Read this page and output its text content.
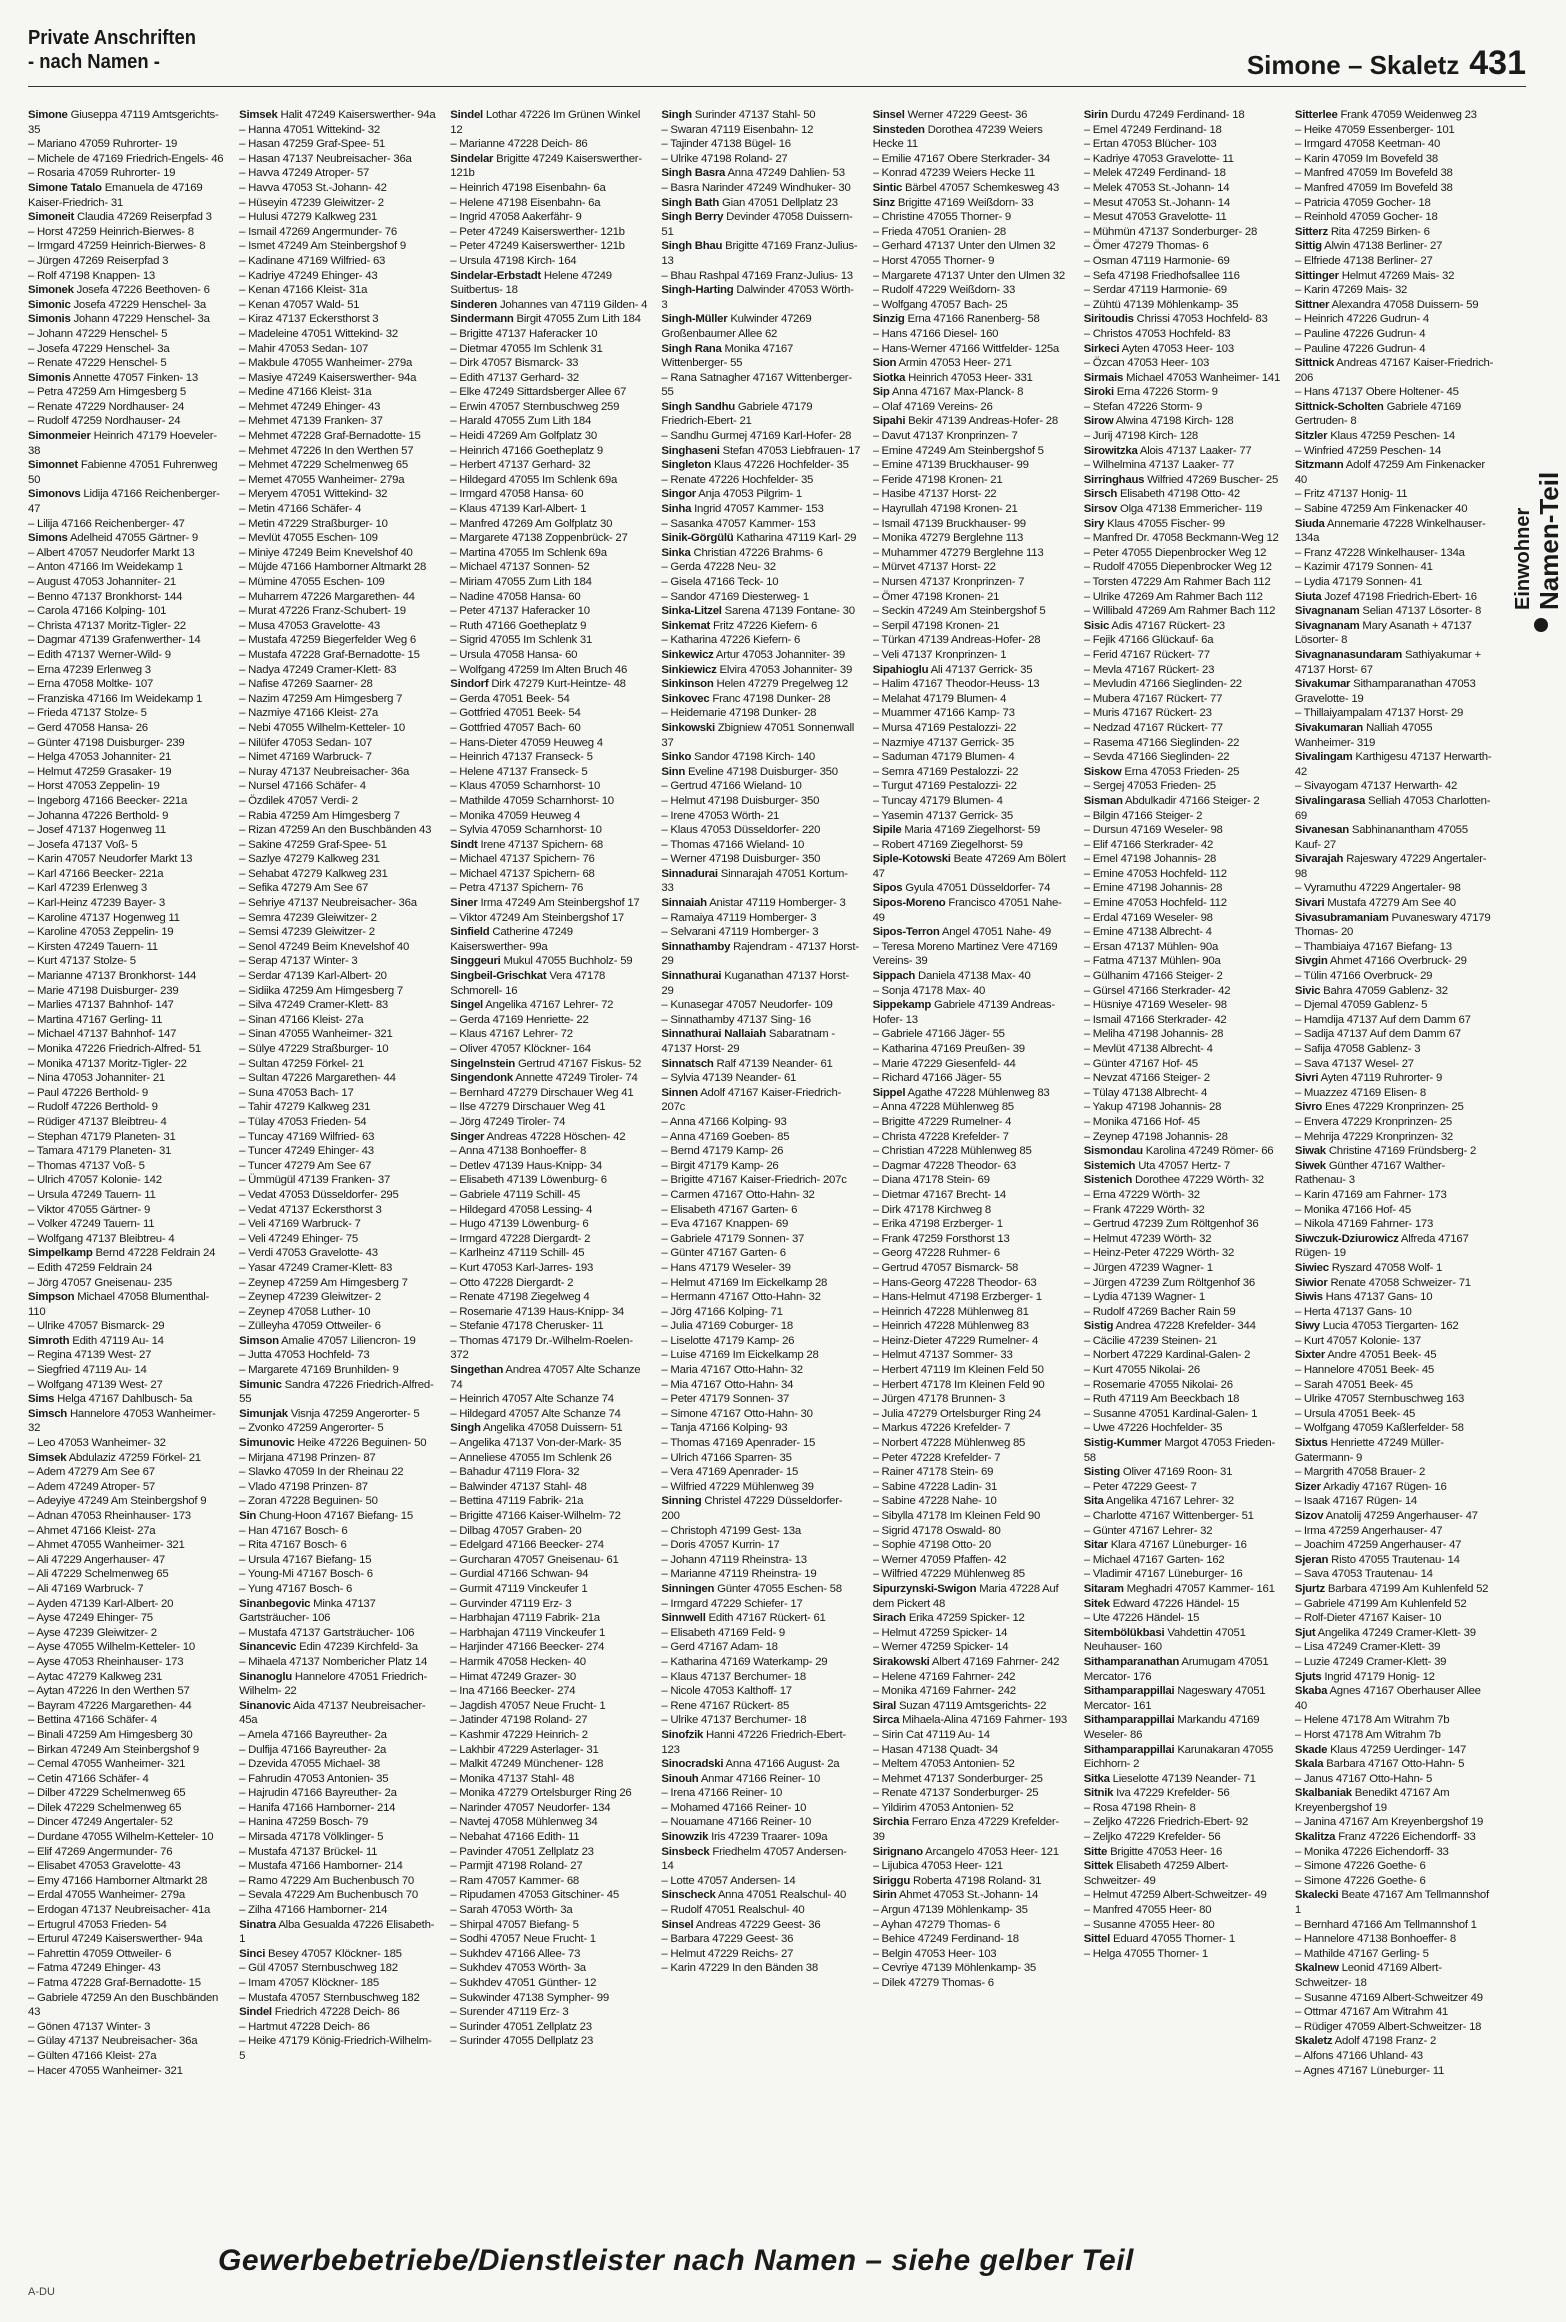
Private Anschriften
- nach Namen -	Simone – Skaletz 431
Simone Giuseppa 47119 Amtsgerichts- 35
– Mariano 47059 Ruhrorter- 19
– Michele de 47169 Friedrich-Engels- 46
– Rosaria 47059 Ruhrorter- 19
Simone Tatalo Emanuela de 47169 Kaiser-Friedrich- 31
Simoneit Claudia 47269 Reiserpfad 3
– Horst 47259 Heinrich-Bierwes- 8
– Irmgard 47259 Heinrich-Bierwes- 8
– Jürgen 47269 Reiserpfad 3
– Rolf 47198 Knappen- 13
Simonek Josefa 47226 Beethoven- 6
Simonic Josefa 47229 Henschel- 3a
Simonis Johann 47229 Henschel- 3a
– Johann 47229 Henschel- 5
– Josefa 47229 Henschel- 3a
– Renate 47229 Henschel- 5
Simonis Annette 47057 Finken- 13
– Petra 47259 Am Himgesberg 5
– Renate 47229 Nordhauser- 24
– Rudolf 47259 Nordhauser- 24
Simonmeier Heinrich 47179 Hoeveler- 38
Simonnet Fabienne 47051 Fuhrenweg 50
Simonovs Lidija 47166 Reichenberger- 47
– Lilija 47166 Reichenberger- 47
Simons Adelheid 47055 Gärtner- 9
– Albert 47057 Neudorfer Markt 13
– Anton 47166 Im Weidekamp 1
– August 47053 Johanniter- 21
– Benno 47137 Bronkhorst- 144
– Carola 47166 Kolping- 101
– Christa 47137 Moritz-Tigler- 22
– Dagmar 47139 Grafenwerther- 14
– Edith 47137 Werner-Wild- 9
– Erna 47239 Erlenweg 3
– Erna 47058 Moltke- 107
– Franziska 47166 Im Weidekamp 1
– Frieda 47137 Stolze- 5
– Gerd 47058 Hansa- 26
– Günter 47198 Duisburger- 239
– Helga 47053 Johanniter- 21
– Helmut 47259 Grasaker- 19
– Horst 47053 Zeppelin- 19
– Ingeborg 47166 Beecker- 221a
– Johanna 47226 Berthold- 9
– Josef 47137 Hogenweg 11
– Josefa 47137 Voß- 5
– Karin 47057 Neudorfer Markt 13
– Karl 47166 Beecker- 221a
– Karl 47239 Erlenweg 3
– Karl-Heinz 47239 Bayer- 3
– Karoline 47137 Hogenweg 11
– Karoline 47053 Zeppelin- 19
– Kirsten 47249 Tauern- 11
– Kurt 47137 Stolze- 5
– Marianne 47137 Bronkhorst- 144
– Marie 47198 Duisburger- 239
– Marlies 47137 Bahnhof- 147
– Martina 47167 Gerling- 11
– Michael 47137 Bahnhof- 147
– Monika 47226 Friedrich-Alfred- 51
– Monika 47137 Moritz-Tigler- 22
– Nina 47053 Johanniter- 21
– Paul 47226 Berthold- 9
– Rudolf 47226 Berthold- 9
– Rüdiger 47137 Bleibtreu- 4
– Stephan 47179 Planeten- 31
– Tamara 47179 Planeten- 31
– Thomas 47137 Voß- 5
– Ulrich 47057 Kolonie- 142
– Ursula 47249 Tauern- 11
– Viktor 47055 Gärtner- 9
– Volker 47249 Tauern- 11
– Wolfgang 47137 Bleibtreu- 4
Simpelkamp Bernd 47228 Feldrain 24
– Edith 47259 Feldrain 24
– Jörg 47057 Gneisenau- 235
Simpson Michael 47058 Blumenthal- 110
– Ulrike 47057 Bismarck- 29
Simroth Edith 47119 Au- 14
– Regina 47139 West- 27
– Siegfried 47119 Au- 14
– Wolfgang 47139 West- 27
Sims Helga 47167 Dahlbusch- 5a
Simsch Hannelore 47053 Wanheimer- 32
– Leo 47053 Wanheimer- 32
Simsek Abdulaziz 47259 Förkel- 21
– Adem 47279 Am See 67
– Adem 47249 Atroper- 57
– Adeyiye 47249 Am Steinbergshof 9
– Adnan 47053 Rheinhauser- 173
– Ahmet 47166 Kleist- 27a
– Ahmet 47055 Wanheimer- 321
– Ali 47229 Angerhauser- 47
– Ali 47229 Schelmenweg 65
– Ali 47169 Warbruck- 7
– Ayden 47139 Karl-Albert- 20
– Ayse 47249 Ehinger- 75
– Ayse 47239 Gleiwitzer- 2
– Ayse 47055 Wilhelm-Ketteler- 10
– Ayse 47053 Rheinhauser- 173
– Aytac 47279 Kalkweg 231
– Aytan 47226 In den Werthen 57
– Bayram 47226 Margarethen- 44
– Bettina 47166 Schäfer- 4
– Binali 47259 Am Himgesberg 30
– Birkan 47249 Am Steinbergshof 9
– Cemal 47055 Wanheimer- 321
– Cetin 47166 Schäfer- 4
– Dilber 47229 Schelmenweg 65
– Dilek 47229 Schelmenweg 65
– Dincer 47249 Angertaler- 52
– Durdane 47055 Wilhelm-Ketteler- 10
– Elif 47269 Angermunder- 76
– Elisabet 47053 Gravelotte- 43
– Emy 47166 Hamborner Altmarkt 28
– Erdal 47055 Wanheimer- 279a
– Erdogan 47137 Neubreisacher- 41a
– Ertugrul 47053 Frieden- 54
– Erturul 47249 Kaiserswerther- 94a
– Fahrettin 47059 Ottweiler- 6
– Fatma 47249 Ehinger- 43
– Fatma 47228 Graf-Bernadotte- 15
– Gabriele 47259 An den Buschbänden 43
– Gönen 47137 Winter- 3
– Gülay 47137 Neubreisacher- 36a
– Gülten 47166 Kleist- 27a
– Hacer 47055 Wanheimer- 321
Simsek Halit 47249 Kaiserswerther- 94a
– Hanna 47051 Wittekind- 32
– Hasan 47259 Graf-Spee- 51
– Hasan 47137 Neubreisacher- 36a
– Havva 47249 Atroper- 57
– Havva 47053 St.-Johann- 42
– Hüseyin 47239 Gleiwitzer- 2
– Hulusi 47279 Kalkweg 231
– Ismail 47269 Angermunder- 76
– Ismet 47249 Am Steinbergshof 9
– Kadinane 47169 Wilfried- 63
– Kadriye 47249 Ehinger- 43
– Kenan 47166 Kleist- 31a
– Kenan 47057 Wald- 51
– Kiraz 47137 Eckersthorst 3
– Madeleine 47051 Wittekind- 32
– Mahir 47053 Sedan- 107
– Makbule 47055 Wanheimer- 279a
– Masiye 47249 Kaiserswerther- 94a
– Medine 47166 Kleist- 31a
– Mehmet 47249 Ehinger- 43
– Mehmet 47139 Franken- 37
– Mehmet 47228 Graf-Bernadotte- 15
– Mehmet 47226 In den Werthen 57
– Mehmet 47229 Schelmenweg 65
– Memet 47055 Wanheimer- 279a
– Meryem 47051 Wittekind- 32
– Metin 47166 Schäfer- 4
– Metin 47229 Straßburger- 10
– Mevlüt 47055 Eschen- 109
– Miniye 47249 Beim Knevelshof 40
– Müjde 47166 Hamborner Altmarkt 28
– Mümine 47055 Eschen- 109
– Muharrem 47226 Margarethen- 44
– Murat 47226 Franz-Schubert- 19
– Musa 47053 Gravelotte- 43
– Mustafa 47259 Biegerfelder Weg 6
– Mustafa 47228 Graf-Bernadotte- 15
– Nadya 47249 Cramer-Klett- 83
– Nafise 47269 Saarner- 28
– Nazim 47259 Am Himgesberg 7
– Nazmiye 47166 Kleist- 27a
– Nebi 47055 Wilhelm-Ketteler- 10
– Nilüfer 47053 Sedan- 107
– Nimet 47169 Warbruck- 7
– Nuray 47137 Neubreisacher- 36a
– Nursel 47166 Schäfer- 4
– Özdilek 47057 Verdi- 2
– Rabia 47259 Am Himgesberg 7
– Rizan 47259 An den Buschbänden 43
– Sakine 47259 Graf-Spee- 51
– Sazlye 47279 Kalkweg 231
– Sehabat 47279 Kalkweg 231
– Sefika 47279 Am See 67
– Sehriye 47137 Neubreisacher- 36a
– Semra 47239 Gleiwitzer- 2
– Semsi 47239 Gleiwitzer- 2
– Senol 47249 Beim Knevelshof 40
– Serap 47137 Winter- 3
– Serdar 47139 Karl-Albert- 20
– Sidiika 47259 Am Himgesberg 7
– Silva 47249 Cramer-Klett- 83
– Sinan 47166 Kleist- 27a
– Sinan 47055 Wanheimer- 321
– Sülye 47229 Straßburger- 10
– Sultan 47259 Förkel- 21
– Sultan 47226 Margarethen- 44
– Suna 47053 Bach- 17
– Tahir 47279 Kalkweg 231
– Tülay 47053 Frieden- 54
– Tuncay 47169 Wilfried- 63
– Tuncer 47249 Ehinger- 43
– Tuncer 47279 Am See 67
– Ümmügül 47139 Franken- 37
– Vedat 47053 Düsseldorfer- 295
– Vedat 47137 Eckersthorst 3
– Veli 47169 Warbruck- 7
– Veli 47249 Ehinger- 75
– Verdi 47053 Gravelotte- 43
– Yasar 47249 Cramer-Klett- 83
– Zeynep 47259 Am Himgesberg 7
– Zeynep 47239 Gleiwitzer- 2
– Zeynep 47058 Luther- 10
– Zülleyha 47059 Ottweiler- 6
Simson Amalie 47057 Liliencron- 19
– Jutta 47053 Hochfeld- 73
– Margarete 47169 Brunhilden- 9
Simunic Sandra 47226 Friedrich-Alfred- 55
Simunjak Visnja 47259 Angerorter- 5
– Zvonko 47259 Angerorter- 5
Simunovic Heike 47226 Beguinen- 50
– Mirjana 47198 Prinzen- 87
– Slavko 47059 In der Rheinau 22
– Vlado 47198 Prinzen- 87
– Zoran 47228 Beguinen- 50
Sin Chung-Hoon 47167 Biefang- 15
– Han 47167 Bosch- 6
– Rita 47167 Bosch- 6
– Ursula 47167 Biefang- 15
– Young-Mi 47167 Bosch- 6
– Yung 47167 Bosch- 6
Sinanbegovic Minka 47137 Gartsträucher- 106
– Mustafa 47137 Gartsträucher- 106
Sinancevic Edin 47239 Kirchfeld- 3a
– Mihaela 47137 Nombericher Platz 14
Sinanoglu Hannelore 47051 Friedrich-Wilhelm- 22
Sinanovic Aida 47137 Neubreisacher- 45a
– Amela 47166 Bayreuther- 2a
– Dulfija 47166 Bayreuther- 2a
– Dzevida 47055 Michael- 38
– Fahrudin 47053 Antonien- 35
– Hajrudin 47166 Bayreuther- 2a
– Hanifa 47166 Hamborner- 214
– Hanina 47259 Bosch- 79
– Mirsada 47178 Völklinger- 5
– Mustafa 47137 Brückel- 11
– Mustafa 47166 Hamborner- 214
– Ramo 47229 Am Buchenbusch 70
– Sevala 47229 Am Buchenbusch 70
– Zilha 47166 Hamborner- 214
Sinatra Alba Gesualda 47226 Elisabeth- 1
Sinci Besey 47057 Klöckner- 185
– Gül 47057 Sternbuschweg 182
– Imam 47057 Klöckner- 185
– Mustafa 47057 Sternbuschweg 182
Sindel Friedrich 47228 Deich- 86
– Hartmut 47228 Deich- 86
– Heike 47179 König-Friedrich-Wilhelm- 5
Sindel Lothar 47226 Im Grünen Winkel 12
– Marianne 47228 Deich- 86
Sindelar Brigitte 47249 Kaiserswerther- 121b
– Heinrich 47198 Eisenbahn- 6a
– Helene 47198 Eisenbahn- 6a
– Ingrid 47058 Aakerfähr- 9
– Peter 47249 Kaiserswerther- 121b
– Peter 47249 Kaiserswerther- 121b
– Ursula 47198 Kirch- 164
Sindelar-Erbstadt Helene 47249 Suitbertus- 18
Sinderen Johannes van 47119 Gilden- 4
Sindermann Birgit 47055 Zum Lith 184
– Brigitte 47137 Haferacker 10
– Dietmar 47055 Im Schlenk 31
– Dirk 47057 Bismarck- 33
– Edith 47137 Gerhard- 32
– Elke 47249 Sittardsberger Allee 67
– Erwin 47057 Sternbuschweg 259
– Harald 47055 Zum Lith 184
– Heidi 47269 Am Golfplatz 30
– Heinrich 47166 Goetheplatz 9
– Herbert 47137 Gerhard- 32
– Hildegard 47055 Im Schlenk 69a
– Irmgard 47058 Hansa- 60
– Klaus 47139 Karl-Albert- 1
– Manfred 47269 Am Golfplatz 30
– Margarete 47138 Zoppenbrück- 27
– Martina 47055 Im Schlenk 69a
– Michael 47137 Sonnen- 52
– Miriam 47055 Zum Lith 184
– Nadine 47058 Hansa- 60
– Peter 47137 Haferacker 10
– Ruth 47166 Goetheplatz 9
– Sigrid 47055 Im Schlenk 31
– Ursula 47058 Hansa- 60
– Wolfgang 47259 Im Alten Bruch 46
Sindorf Dirk 47279 Kurt-Heintze- 48
– Gerda 47051 Beek- 54
– Gottfried 47051 Beek- 54
– Gottfried 47057 Bach- 60
– Hans-Dieter 47059 Heuweg 4
– Heinrich 47137 Franseck- 5
– Helene 47137 Franseck- 5
– Klaus 47059 Scharnhorst- 10
– Mathilde 47059 Scharnhorst- 10
– Monika 47059 Heuweg 4
– Sylvia 47059 Scharnhorst- 10
Sindt Irene 47137 Spichern- 68
– Michael 47137 Spichern- 76
– Michael 47137 Spichern- 68
– Petra 47137 Spichern- 76
Siner Irma 47249 Am Steinbergshof 17
– Viktor 47249 Am Steinbergshof 17
Sinfield Catherine 47249 Kaiserswerther- 99a
Singgeuri Mukul 47055 Buchholz- 59
Singbeil-Grischkat Vera 47178 Schmorell- 16
Singel Angelika 47167 Lehrer- 72
– Gerda 47169 Henriette- 22
– Klaus 47167 Lehrer- 72
– Oliver 47057 Klöckner- 164
Singelnstein Gertrud 47167 Fiskus- 52
Singendonk Annette 47249 Tiroler- 74
– Bernhard 47279 Dirschauer Weg 41
– Ilse 47279 Dirschauer Weg 41
– Jörg 47249 Tiroler- 74
Singer Andreas 47228 Höschen- 42
– Anna 47138 Bonhoeffer- 8
– Detlev 47139 Haus-Knipp- 34
– Elisabeth 47139 Löwenburg- 6
– Gabriele 47119 Schill- 45
– Hildegard 47058 Lessing- 4
– Hugo 47139 Löwenburg- 6
– Irmgard 47228 Diergardt- 2
– Karlheinz 47119 Schill- 45
– Kurt 47053 Karl-Jarres- 193
– Otto 47228 Diergardt- 2
– Renate 47198 Ziegelweg 4
– Rosemarie 47139 Haus-Knipp- 34
– Stefanie 47178 Cherusker- 11
– Thomas 47179 Dr.-Wilhelm-Roelen- 372
Singethan Andrea 47057 Alte Schanze 74
– Heinrich 47057 Alte Schanze 74
– Hildegard 47057 Alte Schanze 74
Singh Angelika 47058 Duissern- 51
– Angelika 47137 Von-der-Mark- 35
– Anneliese 47055 Im Schlenk 26
– Bahadur 47119 Flora- 32
– Balwinder 47137 Stahl- 48
– Bettina 47119 Fabrik- 21a
– Brigitte 47166 Kaiser-Wilhelm- 72
– Dilbag 47057 Graben- 20
– Edelgard 47166 Beecker- 274
– Gurcharan 47057 Gneisenau- 61
– Gurdial 47166 Schwan- 94
– Gurmit 47119 Vinckeufer 1
– Gurvinder 47119 Erz- 3
– Harbhajan 47119 Fabrik- 21a
– Harbhajan 47119 Vinckeufer 1
– Harjinder 47166 Beecker- 274
– Harmik 47058 Hecken- 40
– Himat 47249 Grazer- 30
– Ina 47166 Beecker- 274
– Jagdish 47057 Neue Frucht- 1
– Jatinder 47198 Roland- 27
– Kashmir 47229 Heinrich- 2
– Lakhbir 47229 Asterlager- 31
– Malkit 47249 Münchener- 128
– Monika 47137 Stahl- 48
– Monika 47279 Ortelsburger Ring 26
– Narinder 47057 Neudorfer- 134
– Navtej 47058 Mühlenweg 34
– Nebahat 47166 Edith- 11
– Pavinder 47051 Zellplatz 23
– Parmjit 47198 Roland- 27
– Ram 47057 Kammer- 68
– Ripudamen 47053 Gitschiner- 45
– Sarah 47053 Wörth- 3a
– Shirpal 47057 Biefang- 5
– Sodhi 47057 Neue Frucht- 1
– Sukhdev 47166 Allee- 73
– Sukhdev 47053 Wörth- 3a
– Sukhdev 47051 Günther- 12
– Sukwinder 47138 Sympher- 99
– Surender 47119 Erz- 3
– Surinder 47051 Zellplatz 23
– Surinder 47055 Dellplatz 23
Singh Surinder 47137 Stahl- 50
– Swaran 47119 Eisenbahn- 12
– Tajinder 47138 Bügel- 16
– Ulrike 47198 Roland- 27
Singh Basra Anna 47249 Dahlien- 53
– Basra Narinder 47249 Windhuker- 30
Singh Bath Gian 47051 Dellplatz 23
Singh Berry Devinder 47058 Duissern- 51
Singh Bhau Brigitte 47169 Franz-Julius- 13
– Bhau Rashpal 47169 Franz-Julius- 13
Singh-Harting Dalwinder 47053 Wörth- 3
Singh-Müller Kulwinder 47269 Großenbaumer Allee 62
Singh Rana Monika 47167 Wittenberger- 55
– Rana Satnagher 47167 Wittenberger- 55
Singh Sandhu Gabriele 47179 Friedrich-Ebert- 21
– Sandhu Gurmej 47169 Karl-Hofer- 28
Singhaseni Stefan 47053 Liebfrauen- 17
Singleton Klaus 47226 Hochfelder- 35
– Renate 47226 Hochfelder- 35
Singor Anja 47053 Pilgrim- 1
Sinha Ingrid 47057 Kammer- 153
– Sasanka 47057 Kammer- 153
Sinik-Görgülü Katharina 47119 Karl- 29
Sinka Christian 47226 Brahms- 6
– Gerda 47228 Neu- 32
– Gisela 47166 Teck- 10
– Sandor 47169 Diesterweg- 1
Sinka-Litzel Sarena 47139 Fontane- 30
Sinkemat Fritz 47226 Kiefern- 6
– Katharina 47226 Kiefern- 6
Sinkewicz Artur 47053 Johanniter- 39
Sinkiewicz Elvira 47053 Johanniter- 39
Sinkinson Helen 47279 Pregelweg 12
Sinkovec Franc 47198 Dunker- 28
– Heidemarie 47198 Dunker- 28
Sinkowski Zbigniew 47051 Sonnenwall 37
Sinko Sandor 47198 Kirch- 140
Sinn Eveline 47198 Duisburger- 350
– Gertrud 47166 Wieland- 10
– Helmut 47198 Duisburger- 350
– Irene 47053 Wörth- 21
– Klaus 47053 Düsseldorfer- 220
– Thomas 47166 Wieland- 10
– Werner 47198 Duisburger- 350
Sinnadurai Sinnarajah 47051 Kortum- 33
Sinnaiah Anistar 47119 Homberger- 3
– Ramaiya 47119 Homberger- 3
– Selvarani 47119 Homberger- 3
Sinnathamby Rajendram - 47137 Horst- 29
Sinnathurai Kuganathan 47137 Horst- 29
– Kunasegar 47057 Neudorfer- 109
– Sinnathamby 47137 Sing- 16
Sinnathurai Nallaiah Sabaratnam - 47137 Horst- 29
Sinnatsch Ralf 47139 Neander- 61
– Sylvia 47139 Neander- 61
Sinnen Adolf 47167 Kaiser-Friedrich- 207c
– Anna 47166 Kolping- 93
– Anna 47169 Goeben- 85
– Bernd 47179 Kamp- 26
– Birgit 47179 Kamp- 26
– Brigitte 47167 Kaiser-Friedrich- 207c
– Carmen 47167 Otto-Hahn- 32
– Elisabeth 47167 Garten- 6
– Eva 47167 Knappen- 69
– Gabriele 47179 Sonnen- 37
– Günter 47167 Garten- 6
– Hans 47179 Weseler- 39
– Helmut 47169 Im Eickelkamp 28
– Hermann 47167 Otto-Hahn- 32
– Jörg 47166 Kolping- 71
– Julia 47169 Coburger- 18
– Liselotte 47179 Kamp- 26
– Luise 47169 Im Eickelkamp 28
– Maria 47167 Otto-Hahn- 32
– Mia 47167 Otto-Hahn- 34
– Peter 47179 Sonnen- 37
– Simone 47167 Otto-Hahn- 30
– Tanja 47166 Kolping- 93
– Thomas 47169 Apenrader- 15
– Ulrich 47166 Sparren- 35
– Vera 47169 Apenrader- 15
– Wilfried 47229 Mühlenweg 39
Sinning Christel 47229 Düsseldorfer- 200
– Christoph 47199 Gest- 13a
– Doris 47057 Kurrin- 17
– Johann 47119 Rheinstra- 13
– Marianne 47119 Rheinstra- 19
Sinningen Günter 47055 Eschen- 58
– Irmgard 47229 Schiefer- 17
Sinnwell Edith 47167 Rückert- 61
– Elisabeth 47169 Feld- 9
– Gerd 47167 Adam- 18
– Katharina 47169 Waterkamp- 29
– Klaus 47137 Berchumer- 18
– Nicole 47053 Kalthoff- 17
– Rene 47167 Rückert- 85
– Ulrike 47137 Berchumer- 18
Sinofzik Hanni 47226 Friedrich-Ebert- 123
Sinocradski Anna 47166 August- 2a
Sinouh Anmar 47166 Reiner- 10
– Irena 47166 Reiner- 10
– Mohamed 47166 Reiner- 10
– Nouamane 47166 Reiner- 10
Sinowzik Iris 47239 Traarer- 109a
Sinsbeck Friedhelm 47057 Andersen- 14
– Lotte 47057 Andersen- 14
Sinscheck Anna 47051 Realschul- 40
– Rudolf 47051 Realschul- 40
Sinsel Andreas 47229 Geest- 36
– Barbara 47229 Geest- 36
– Helmut 47229 Reichs- 27
– Karin 47229 In den Bänden 38
Sinsel Werner 47229 Geest- 36
Sinsteden Dorothea 47239 Weiers Hecke 11
– Emilie 47167 Obere Sterkrader- 34
– Konrad 47239 Weiers Hecke 11
Sintic Bärbel 47057 Schemkesweg 43
Sinz Brigitte 47169 Weißdorn- 33
– Christine 47055 Thorner- 9
– Frieda 47051 Oranien- 28
– Gerhard 47137 Unter den Ulmen 32
– Horst 47055 Thorner- 9
– Margarete 47137 Unter den Ulmen 32
– Rudolf 47229 Weißdorn- 33
– Wolfgang 47057 Bach- 25
Sinzig Erna 47166 Ranenberg- 58
– Hans 47166 Diesel- 160
– Hans-Werner 47166 Wittfelder- 125a
Sion Armin 47053 Heer- 271
Siotka Heinrich 47053 Heer- 331
Sip Anna 47167 Max-Planck- 8
– Olaf 47169 Vereins- 26
Sipahi Bekir 47139 Andreas-Hofer- 28
– Davut 47137 Kronprinzen- 7
– Emine 47249 Am Steinbergshof 5
– Emine 47139 Bruckhauser- 99
– Feride 47198 Kronen- 21
– Hasibe 47137 Horst- 22
– Hayrullah 47198 Kronen- 21
– Ismail 47139 Bruckhauser- 99
– Monika 47279 Berglehne 113
– Muhammer 47279 Berglehne 113
– Mürvet 47137 Horst- 22
– Nursen 47137 Kronprinzen- 7
– Ömer 47198 Kronen- 21
– Seckin 47249 Am Steinbergshof 5
– Serpil 47198 Kronen- 21
– Türkan 47139 Andreas-Hofer- 28
– Veli 47137 Kronprinzen- 1
Sipahioglu Ali 47137 Gerrick- 35
– Halim 47167 Theodor-Heuss- 13
– Melahat 47179 Blumen- 4
– Muammer 47166 Kamp- 73
– Mursa 47169 Pestalozzi- 22
– Nazmiye 47137 Gerrick- 35
– Saduman 47179 Blumen- 4
– Semra 47169 Pestalozzi- 22
– Turgut 47169 Pestalozzi- 22
– Tuncay 47179 Blumen- 4
– Yasemin 47137 Gerrick- 35
Sipile Maria 47169 Ziegelhorst- 59
– Robert 47169 Ziegelhorst- 59
Siple-Kotowski Beate 47269 Am Bölert 47
Sipos Gyula 47051 Düsseldorfer- 74
Sipos-Moreno Francisco 47051 Nahe- 49
Sipos-Terron Angel 47051 Nahe- 49
– Teresa Moreno Martinez Vere 47169 Vereins- 39
Sippach Daniela 47138 Max- 40
– Sonja 47178 Max- 40
Sippekamp Gabriele 47139 Andreas-Hofer- 13
– Gabriele 47166 Jäger- 55
– Katharina 47169 Preußen- 39
– Marie 47229 Giesenfeld- 44
– Richard 47166 Jäger- 55
Sippel Agathe 47228 Mühlenweg 83
– Anna 47228 Mühlenweg 85
– Brigitte 47229 Rumelner- 4
– Christa 47228 Krefelder- 7
– Christian 47228 Mühlenweg 85
– Dagmar 47228 Theodor- 63
– Diana 47178 Stein- 69
– Dietmar 47167 Brecht- 14
– Dirk 47178 Kirchweg 8
– Erika 47198 Erzberger- 1
– Frank 47259 Forsthorst 13
– Georg 47228 Ruhmer- 6
– Gertrud 47057 Bismarck- 58
– Hans-Georg 47228 Theodor- 63
– Hans-Helmut 47198 Erzberger- 1
– Heinrich 47228 Mühlenweg 81
– Heinrich 47228 Mühlenweg 83
– Heinz-Dieter 47229 Rumelner- 4
– Helmut 47137 Sommer- 33
– Herbert 47119 Im Kleinen Feld 50
– Herbert 47178 Im Kleinen Feld 90
– Jürgen 47178 Brunnen- 3
– Julia 47279 Ortelsburger Ring 24
– Markus 47226 Krefelder- 7
– Norbert 47228 Mühlenweg 85
– Peter 47228 Krefelder- 7
– Rainer 47178 Stein- 69
– Sabine 47228 Ladin- 31
– Sabine 47228 Nahe- 10
– Sibylla 47178 Im Kleinen Feld 90
– Sigrid 47178 Oswald- 80
– Sophie 47198 Otto- 20
– Werner 47059 Pfaffen- 42
– Wilfried 47229 Mühlenweg 85
Sipurzynski-Swigon Maria 47228 Auf dem Pickert 48
Sirach Erika 47259 Spicker- 12
– Helmut 47259 Spicker- 14
– Werner 47259 Spicker- 14
Sirakowski Albert 47169 Fahrner- 242
– Helene 47169 Fahrner- 242
– Monika 47169 Fahrner- 242
Siral Suzan 47119 Amtsgerichts- 22
Sirca Mihaela-Alina 47169 Fahrner- 193
– Sirin Cat 47119 Au- 14
– Hasan 47138 Quadt- 34
– Meltem 47053 Antonien- 52
– Mehmet 47137 Sonderburger- 25
– Renate 47137 Sonderburger- 25
– Yildirim 47053 Antonien- 52
Sirchia Ferraro Enza 47229 Krefelder- 39
Sirignano Arcangelo 47053 Heer- 121
– Lijubica 47053 Heer- 121
Siriggu Roberta 47198 Roland- 31
Sirin Ahmet 47053 St.-Johann- 14
– Argun 47139 Möhlenkamp- 35
– Ayhan 47279 Thomas- 6
– Behice 47249 Ferdinand- 18
– Belgin 47053 Heer- 103
– Cevriye 47139 Möhlenkamp- 35
– Dilek 47279 Thomas- 6
Sirin Durdu 47249 Ferdinand- 18
– Emel 47249 Ferdinand- 18
– Ertan 47053 Blücher- 103
– Kadriye 47053 Gravelotte- 11
– Melek 47249 Ferdinand- 18
– Melek 47053 St.-Johann- 14
– Mesut 47053 St.-Johann- 14
– Mesut 47053 Gravelotte- 11
– Mühmün 47137 Sonderburger- 28
– Ömer 47279 Thomas- 6
– Osman 47119 Harmonie- 69
– Sefa 47198 Friedhofsallee 116
– Serdar 47119 Harmonie- 69
– Zühtü 47139 Möhlenkamp- 35
Siritoudis Chrissi 47053 Hochfeld- 83
– Christos 47053 Hochfeld- 83
Sirkeci Ayten 47053 Heer- 103
– Özcan 47053 Heer- 103
Sirmais Michael 47053 Wanheimer- 141
Siroki Erna 47226 Storm- 9
– Stefan 47226 Storm- 9
Sirow Alwina 47198 Kirch- 128
– Jurij 47198 Kirch- 128
Sirowitzka Alois 47137 Laaker- 77
– Wilhelmina 47137 Laaker- 77
Sirringhaus Wilfried 47269 Buscher- 25
Sirsch Elisabeth 47198 Otto- 42
Sirsov Olga 47138 Emmericher- 119
Siry Klaus 47055 Fischer- 99
– Manfred Dr. 47058 Beckmann-Weg 12
– Peter 47055 Diepenbrocker Weg 12
– Rudolf 47055 Diepenbrocker Weg 12
– Torsten 47229 Am Rahmer Bach 112
– Ulrike 47269 Am Rahmer Bach 112
– Willibald 47269 Am Rahmer Bach 112
Sisic Adis 47167 Rückert- 23
– Fejik 47166 Glückauf- 6a
– Ferid 47167 Rückert- 77
– Mevla 47167 Rückert- 23
– Mevludin 47166 Sieglinden- 22
– Mubera 47167 Rückert- 77
– Muris 47167 Rückert- 23
– Nedzad 47167 Rückert- 77
– Rasema 47166 Sieglinden- 22
– Sevda 47166 Sieglinden- 22
Siskow Erna 47053 Frieden- 25
– Sergej 47053 Frieden- 25
Sisman Abdulkadir 47166 Steiger- 2
– Bilgin 47166 Steiger- 2
– Dursun 47169 Weseler- 98
– Elif 47166 Sterkrader- 42
– Emel 47198 Johannis- 28
– Emine 47053 Hochfeld- 112
– Emine 47198 Johannis- 28
– Emine 47053 Hochfeld- 112
– Erdal 47169 Weseler- 98
– Emine 47138 Albrecht- 4
– Ersan 47137 Mühlen- 90a
– Fatma 47137 Mühlen- 90a
– Gülhanim 47166 Steiger- 2
– Gürsel 47166 Sterkrader- 42
– Hüsniye 47169 Weseler- 98
– Ismail 47166 Sterkrader- 42
– Meliha 47198 Johannis- 28
– Mevlüt 47138 Albrecht- 4
– Günter 47167 Hof- 45
– Nevzat 47166 Steiger- 2
– Tülay 47138 Albrecht- 4
– Yakup 47198 Johannis- 28
– Monika 47166 Hof- 45
– Zeynep 47198 Johannis- 28
Sismondau Karolina 47249 Römer- 66
Sistemich Uta 47057 Hertz- 7
Sistenich Dorothee 47229 Wörth- 32
– Erna 47229 Wörth- 32
– Frank 47229 Wörth- 32
– Gertrud 47239 Zum Röltgenhof 36
– Helmut 47239 Wörth- 32
– Heinz-Peter 47229 Wörth- 32
– Jürgen 47239 Wagner- 1
– Jürgen 47239 Zum Röltgenhof 36
– Lydia 47139 Wagner- 1
– Rudolf 47269 Bacher Rain 59
Sistig Andrea 47228 Krefelder- 344
– Cäcilie 47239 Steinen- 21
– Norbert 47229 Kardinal-Galen- 2
– Kurt 47055 Nikolai- 26
– Rosemarie 47055 Nikolai- 26
– Ruth 47119 Am Beeckbach 18
– Susanne 47051 Kardinal-Galen- 1
– Uwe 47226 Hochfelder- 35
Sistig-Kummer Margot 47053 Frieden- 58
Sisting Oliver 47169 Roon- 31
– Peter 47229 Geest- 7
Sita Angelika 47167 Lehrer- 32
– Charlotte 47167 Wittenberger- 51
– Günter 47167 Lehrer- 32
Sitar Klara 47167 Lüneburger- 16
– Michael 47167 Garten- 162
– Vladimir 47167 Lüneburger- 16
Sitaram Meghadri 47057 Kammer- 161
Sitek Edward 47226 Händel- 15
– Ute 47226 Händel- 15
Sitembölükbasi Vahdettin 47051 Neuhauser- 160
Sithamparanathan Arumugam 47051 Mercator- 176
Sithamparappillai Nageswary 47051 Mercator- 161
Sithamparappillai Markandu 47169 Weseler- 86
Sithamparappillai Karunakaran 47055 Eichhorn- 2
Sitka Lieselotte 47139 Neander- 71
Sitnik Iva 47229 Krefelder- 56
– Rosa 47198 Rhein- 8
– Zeljko 47226 Friedrich-Ebert- 92
– Zeljko 47229 Krefelder- 56
Sitte Brigitte 47053 Heer- 16
Sittek Elisabeth 47259 Albert-Schweitzer- 49
– Helmut 47259 Albert-Schweitzer- 49
– Manfred 47055 Heer- 80
– Susanne 47055 Heer- 80
Sittel Eduard 47055 Thorner- 1
– Helga 47055 Thorner- 1
Sitterlee Frank 47059 Weidenweg 23
– Heike 47059 Essenberger- 101
– Irmgard 47058 Keetman- 40
– Karin 47059 Im Bovefeld 38
– Manfred 47059 Im Bovefeld 38
– Manfred 47059 Im Bovefeld 38
– Patricia 47059 Gocher- 18
– Reinhold 47059 Gocher- 18
Sitterz Rita 47259 Birken- 6
Sittig Alwin 47138 Berliner- 27
– Elfriede 47138 Berliner- 27
Sittinger Helmut 47269 Mais- 32
– Karin 47269 Mais- 32
Sittner Alexandra 47058 Duissern- 59
– Heinrich 47226 Gudrun- 4
– Pauline 47226 Gudrun- 4
– Pauline 47226 Gudrun- 4
Sittnick Andreas 47167 Kaiser-Friedrich- 206
– Hans 47137 Obere Holtener- 45
Sittnick-Scholten Gabriele 47169 Gertruden- 8
Sitzler Klaus 47259 Peschen- 14
– Winfried 47259 Peschen- 14
Sitzmann Adolf 47259 Am Finkenacker 40
– Fritz 47137 Honig- 11
– Sabine 47259 Am Finkenacker 40
Siuda Annemarie 47228 Winkelhauser- 134a
– Franz 47228 Winkelhauser- 134a
– Kazimir 47179 Sonnen- 41
– Lydia 47179 Sonnen- 41
Siuta Jozef 47198 Friedrich-Ebert- 16
Sivagnanam Selian 47137 Lösorter- 8
Sivagnanam Mary Asanath + 47137 Lösorter- 8
Sivagnanasundaram Sathiyakumar + 47137 Horst- 67
Sivakumar Sithamparanathan 47053 Gravelotte- 19
– Thillaiyampalam 47137 Horst- 29
Sivakumaran Nalliah 47055 Wanheimer- 319
Sivalingam Karthigesu 47137 Herwarth- 42
– Sivayogam 47137 Herwarth- 42
Sivalingarasa Selliah 47053 Charlotten- 69
Sivanesan Sabhinanantham 47055 Kauf- 27
Sivarajah Rajeswary 47229 Angertaler- 98
– Vyramuthu 47229 Angertaler- 98
Sivari Mustafa 47279 Am See 40
Sivasubramaniam Puvaneswary 47179 Thomas- 20
– Thambiaiya 47167 Biefang- 13
Sivgin Ahmet 47166 Overbruck- 29
– Tülin 47166 Overbruck- 29
Sivic Bahra 47059 Gablenz- 32
– Djemal 47059 Gablenz- 5
– Hamdija 47137 Auf dem Damm 67
– Sadija 47137 Auf dem Damm 67
– Safija 47058 Gablenz- 3
– Sava 47137 Wesel- 27
Sivri Ayten 47119 Ruhrorter- 9
– Muazzez 47169 Elisen- 8
Sivro Enes 47229 Kronprinzen- 25
– Envera 47229 Kronprinzen- 25
– Mehrija 47229 Kronprinzen- 32
Siwak Christine 47169 Fründsberg- 2
Siwek Günther 47167 Walther-Rathenau- 3
– Karin 47169 am Fahrner- 173
– Monika 47166 Hof- 45
– Nikola 47169 Fahrner- 173
Siwczuk-Dziurowicz Alfreda 47167 Rügen- 19
Siwiec Ryszard 47058 Wolf- 1
Siwior Renate 47058 Schweizer- 71
Siwis Hans 47137 Gans- 10
– Herta 47137 Gans- 10
Siwy Lucia 47053 Tiergarten- 162
– Kurt 47057 Kolonie- 137
Sixter Andre 47051 Beek- 45
– Hannelore 47051 Beek- 45
– Sarah 47051 Beek- 45
– Ulrike 47057 Sternbuschweg 163
– Ursula 47051 Beek- 45
– Wolfgang 47059 Kaßlerfelder- 58
Sixtus Henriette 47249 Müller-Gatermann- 9
– Margrith 47058 Brauer- 2
Sizer Arkadiy 47167 Rügen- 16
– Isaak 47167 Rügen- 14
Sizov Anatolij 47259 Angerhauser- 47
– Irma 47259 Angerhauser- 47
– Joachim 47259 Angerhauser- 47
Sjeran Risto 47055 Trautenau- 14
– Sava 47053 Trautenau- 14
Sjurtz Barbara 47199 Am Kuhlenfeld 52
– Gabriele 47199 Am Kuhlenfeld 52
– Rolf-Dieter 47167 Kaiser- 10
Sjut Angelika 47249 Cramer-Klett- 39
– Lisa 47249 Cramer-Klett- 39
– Luzie 47249 Cramer-Klett- 39
Sjuts Ingrid 47179 Honig- 12
Skaba Agnes 47167 Oberhauser Allee 40
– Helene 47178 Am Witrahm 7b
– Horst 47178 Am Witrahm 7b
Skade Klaus 47259 Uerdinger- 147
Skala Barbara 47167 Otto-Hahn- 5
– Janus 47167 Otto-Hahn- 5
Skalbaniak Benedikt 47167 Am Kreyenbergshof 19
– Janina 47167 Am Kreyenbergshof 19
Skalitza Franz 47226 Eichendorff- 33
– Monika 47226 Eichendorff- 33
– Simone 47226 Goethe- 6
– Simone 47226 Goethe- 6
Skalecki Beate 47167 Am Tellmannshof 1
– Bernhard 47166 Am Tellmannshof 1
– Hannelore 47138 Bonhoeffer- 8
– Mathilde 47167 Gerling- 5
Skalnew Leonid 47169 Albert-Schweitzer- 18
– Susanne 47169 Albert-Schweitzer 49
– Ottmar 47167 Am Witrahm 41
– Rüdiger 47059 Albert-Schweitzer- 18
Skaletz Adolf 47198 Franz- 2
– Alfons 47166 Uhland- 43
– Agnes 47167 Lüneburger- 11
Einwohner Namen-Teil
Gewerbebetriebe/Dienstleister nach Namen – siehe gelber Teil
A-DU
